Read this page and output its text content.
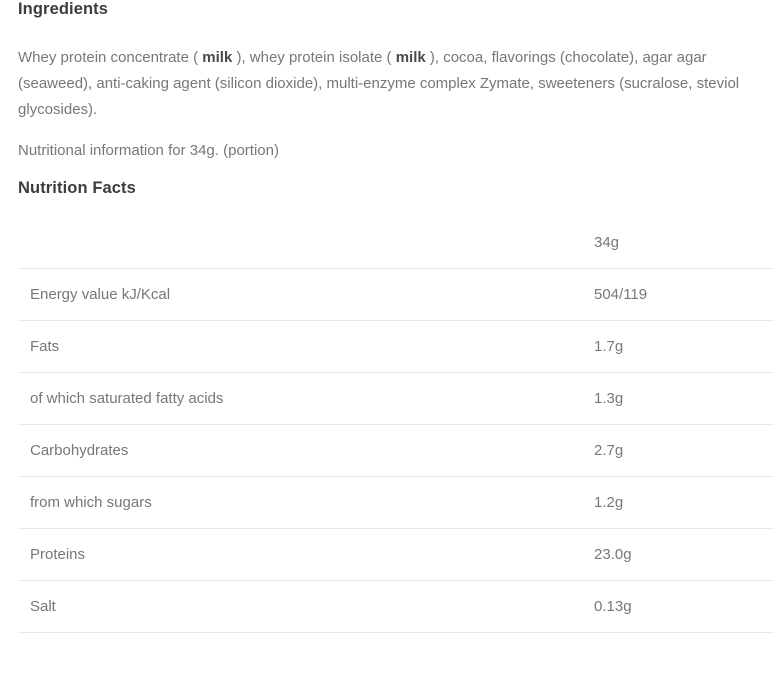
Ingredients

Whey protein concentrate ( milk ), whey protein isolate ( milk ), cocoa, flavorings (chocolate), agar agar (seaweed), anti-caking agent (silicon dioxide), multi-enzyme complex Zymate, sweeteners (sucralose, steviol glycosides).

Nutritional information for 34g. (portion)

Nutrition Facts
	34g
Energy value kJ/Kcal	504/119
Fats	1.7g
of which saturated fatty acids	1.3g
Carbohydrates	2.7g
from which sugars	1.2g
Proteins	23.0g
Salt	0.13g
